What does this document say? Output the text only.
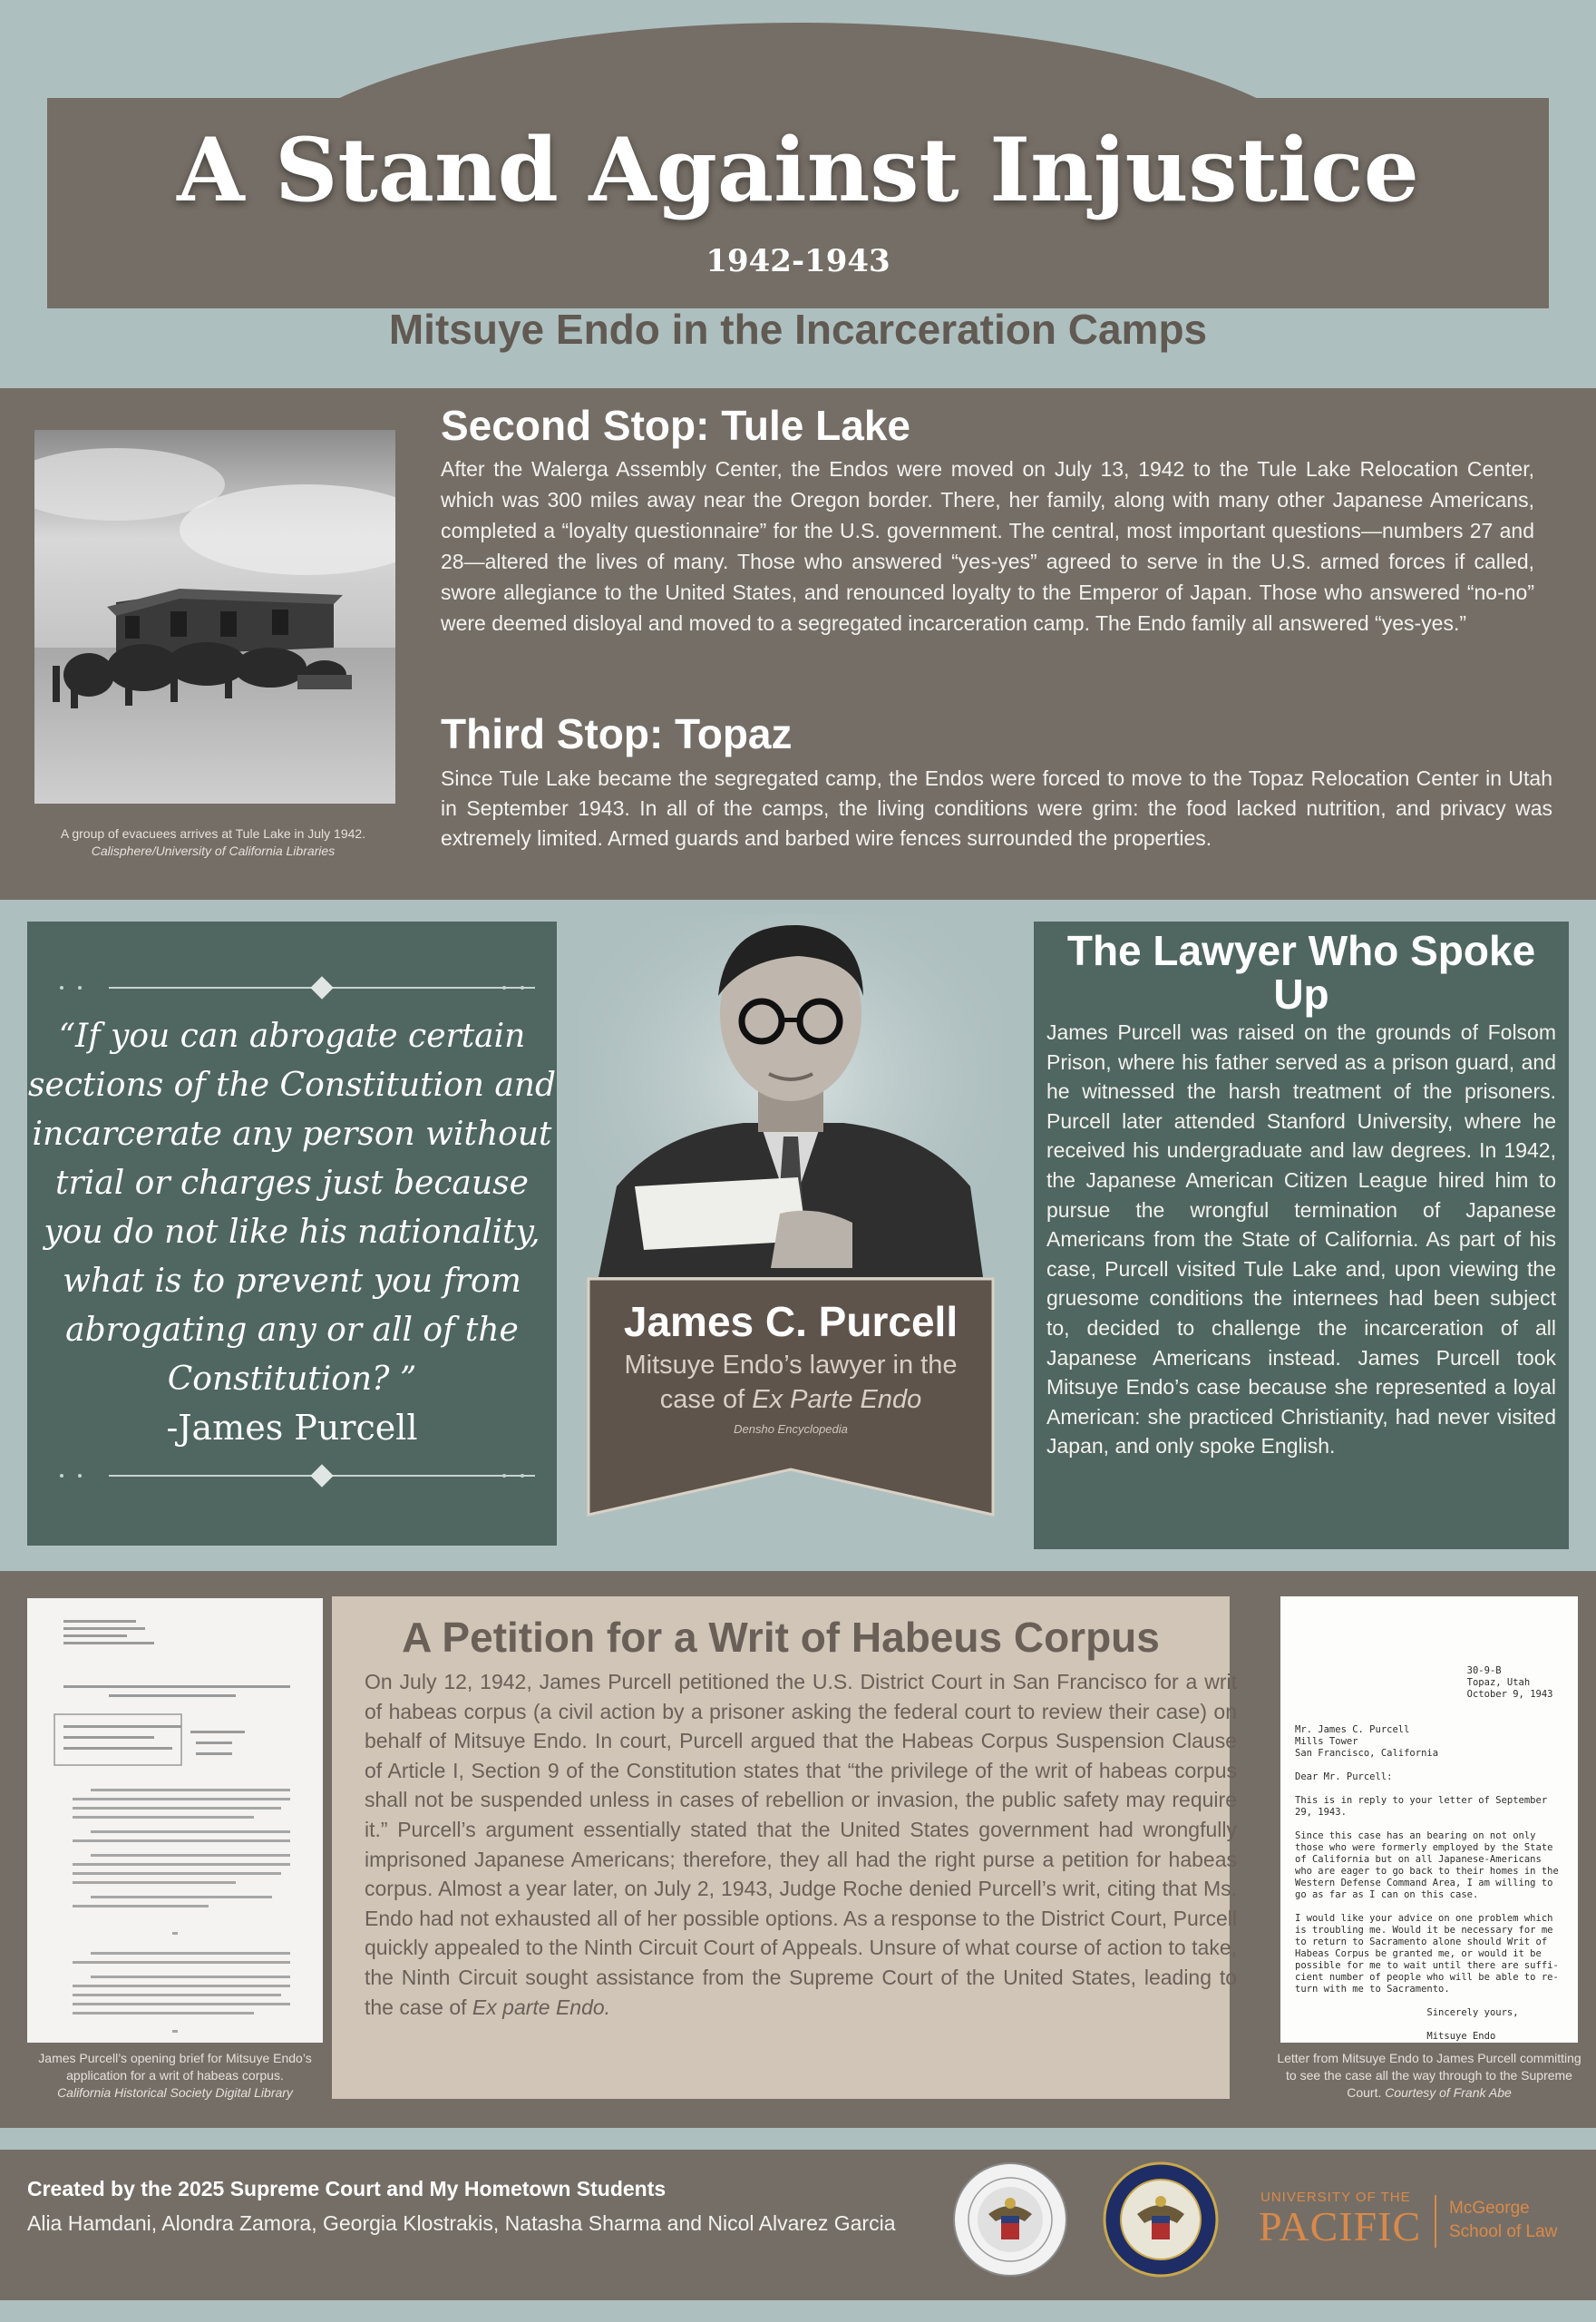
A Stand Against Injustice
1942-1943
Mitsuye Endo in the Incarceration Camps
A group of evacuees arrives at Tule Lake in July 1942.
Calisphere/University of California Libraries
Second Stop: Tule Lake
After the Walerga Assembly Center, the Endos were moved on July 13, 1942 to the Tule Lake Relocation Center, which was 300 miles away near the Oregon border. There, her family, along with many other Japanese Americans, completed a “loyalty questionnaire” for the U.S. government. The central, most important questions—numbers 27 and 28—altered the lives of many. Those who answered “yes-yes” agreed to serve in the U.S. armed forces if called, swore allegiance to the United States, and renounced loyalty to the Emperor of Japan. Those who answered “no-no” were deemed disloyal and moved to a segregated incarceration camp. The Endo family all answered “yes-yes.”
Third Stop: Topaz
Since Tule Lake became the segregated camp, the Endos were forced to move to the Topaz Relocation Center in Utah in September 1943. In all of the camps, the living conditions were grim: the food lacked nutrition, and privacy was extremely limited. Armed guards and barbed wire fences surrounded the properties.
“If you can abrogate certain sections of the Constitution and incarcerate any person without trial or charges just because you do not like his nationality, what is to prevent you from abrogating any or all of the Constitution? ”
-James Purcell
James C. Purcell
Mitsuye Endo’s lawyer in the case of Ex Parte Endo
Densho Encyclopedia
The Lawyer Who Spoke Up
James Purcell was raised on the grounds of Folsom Prison, where his father served as a prison guard, and he witnessed the harsh treatment of the prisoners. Purcell later attended Stanford University, where he received his undergraduate and law degrees. In 1942, the Japanese American Citizen League hired him to pursue the wrongful termination of Japanese Americans from the State of California. As part of his case, Purcell visited Tule Lake and, upon viewing the gruesome conditions the internees had been subject to, decided to challenge the incarceration of all Japanese Americans instead. James Purcell took Mitsuye Endo’s case because she represented a loyal American: she practiced Christianity, had never visited Japan, and only spoke English.
James Purcell’s opening brief for Mitsuye Endo’s application for a writ of habeas corpus.
California Historical Society Digital Library
A Petition for a Writ of Habeus Corpus
On July 12, 1942, James Purcell petitioned the U.S. District Court in San Francisco for a writ of habeas corpus (a civil action by a prisoner asking the federal court to review their case) on behalf of Mitsuye Endo. In court, Purcell argued that the Habeas Corpus Suspension Clause of Article I, Section 9 of the Constitution states that “the privilege of the writ of habeas corpus shall not be suspended unless in cases of rebellion or invasion, the public safety may require it.” Purcell’s argument essentially stated that the United States government had wrongfully imprisoned Japanese Americans; therefore, they all had the right purse a petition for habeas corpus. Almost a year later, on July 2, 1943, Judge Roche denied Purcell’s writ, citing that Ms. Endo had not exhausted all of her possible options. As a response to the District Court, Purcell quickly appealed to the Ninth Circuit Court of Appeals. Unsure of what course of action to take, the Ninth Circuit sought assistance from the Supreme Court of the United States, leading to the case of Ex parte Endo.
30-9-B
Topaz, Utah
October 9, 1943

Mr. James C. Purcell
Mills Tower
San Francisco, California

Dear Mr. Purcell:

This is in reply to your letter of September
29, 1943.

Since this case has an bearing on not only
those who were formerly employed by the State
of California but on all Japanese-Americans
who are eager to go back to their homes in the
Western Defense Command Area, I am willing to
go as far as I can on this case.

I would like your advice on one problem which
is troubling me. Would it be necessary for me
to return to Sacramento alone should Writ of
Habeas Corpus be granted me, or would it be
possible for me to wait until there are suffi-
cient number of people who will be able to re-
turn with me to Sacramento.

Sincerely yours,

Mitsuye Endo
Letter from Mitsuye Endo to James Purcell committing to see the case all the way through to the Supreme Court. Courtesy of Frank Abe
Created by the 2025 Supreme Court and My Hometown Students
Alia Hamdani, Alondra Zamora, Georgia Klostrakis, Natasha Sharma and Nicol Alvarez Garcia
UNIVERSITY OF THE
PACIFIC McGeorge
School of Law
